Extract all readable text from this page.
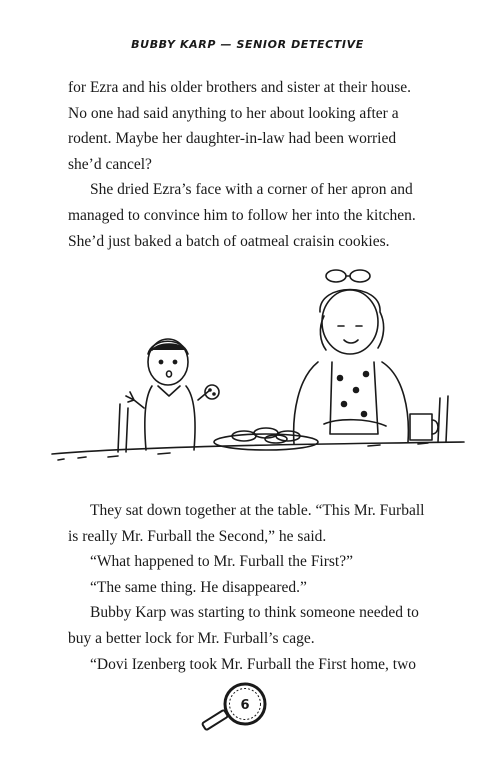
BUBBY KARP — SENIOR DETECTIVE

for Ezra and his older brothers and sister at their house. No one had said anything to her about looking after a rodent. Maybe her daughter-in-law had been worried she’d cancel?

She dried Ezra’s face with a corner of her apron and managed to convince him to follow her into the kitchen. She’d just baked a batch of oatmeal craisin cookies.

They sat down together at the table. “This Mr. Furball is really Mr. Furball the Second,” he said.

“What happened to Mr. Furball the First?”

“The same thing. He disappeared.”

Bubby Karp was starting to think someone needed to buy a better lock for Mr. Furball’s cage.

“Dovi Izenberg took Mr. Furball the First home, two

6
